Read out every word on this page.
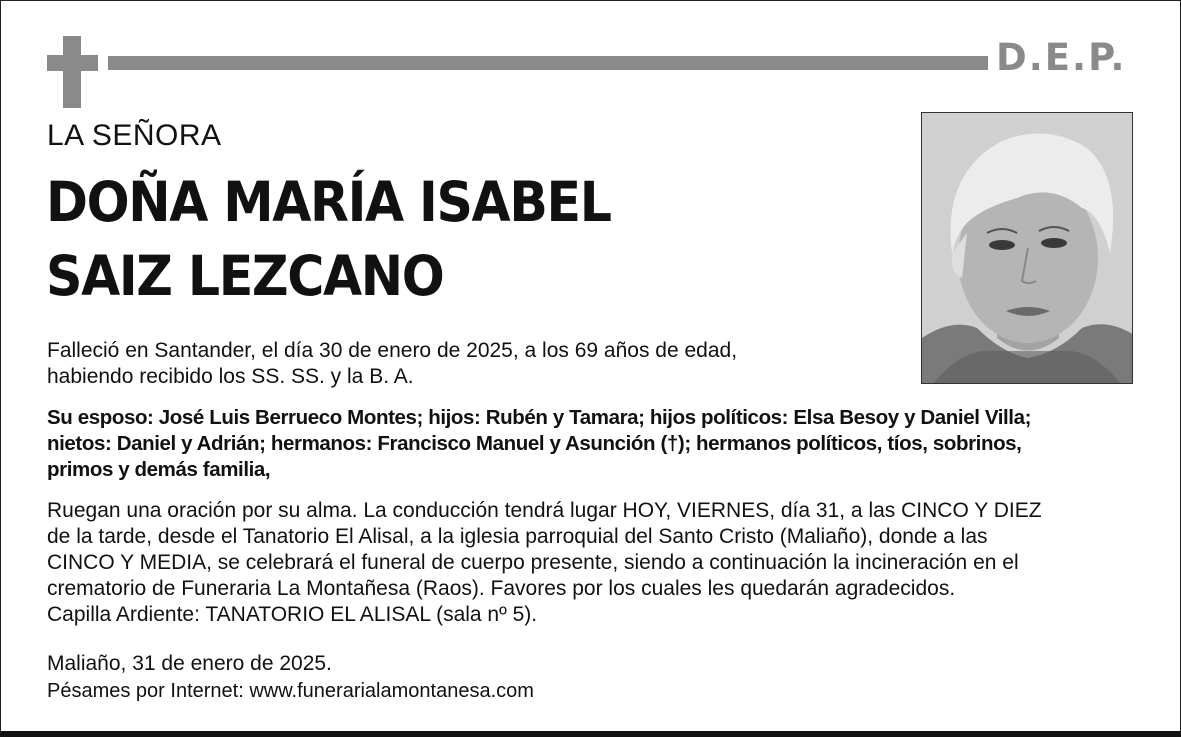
D.E.P.
LA SEÑORA
DOÑA MARÍA ISABEL
SAIZ LEZCANO
Falleció en Santander, el día 30 de enero de 2025, a los 69 años de edad,
habiendo recibido los SS. SS. y la B. A.
Su esposo: José Luis Berrueco Montes; hijos: Rubén y Tamara; hijos políticos: Elsa Besoy y Daniel Villa;
nietos: Daniel y Adrián; hermanos: Francisco Manuel y Asunción (†); hermanos políticos, tíos, sobrinos,
primos y demás familia,
Ruegan una oración por su alma. La conducción tendrá lugar HOY, VIERNES, día 31, a las CINCO Y DIEZ
de la tarde, desde el Tanatorio El Alisal, a la iglesia parroquial del Santo Cristo (Maliaño), donde a las
CINCO Y MEDIA, se celebrará el funeral de cuerpo presente, siendo a continuación la incineración en el
crematorio de Funeraria La Montañesa (Raos). Favores por los cuales les quedarán agradecidos.
Capilla Ardiente: TANATORIO EL ALISAL (sala nº 5).
Maliaño, 31 de enero de 2025.
Pésames por Internet: www.funerarialamontanesa.com
